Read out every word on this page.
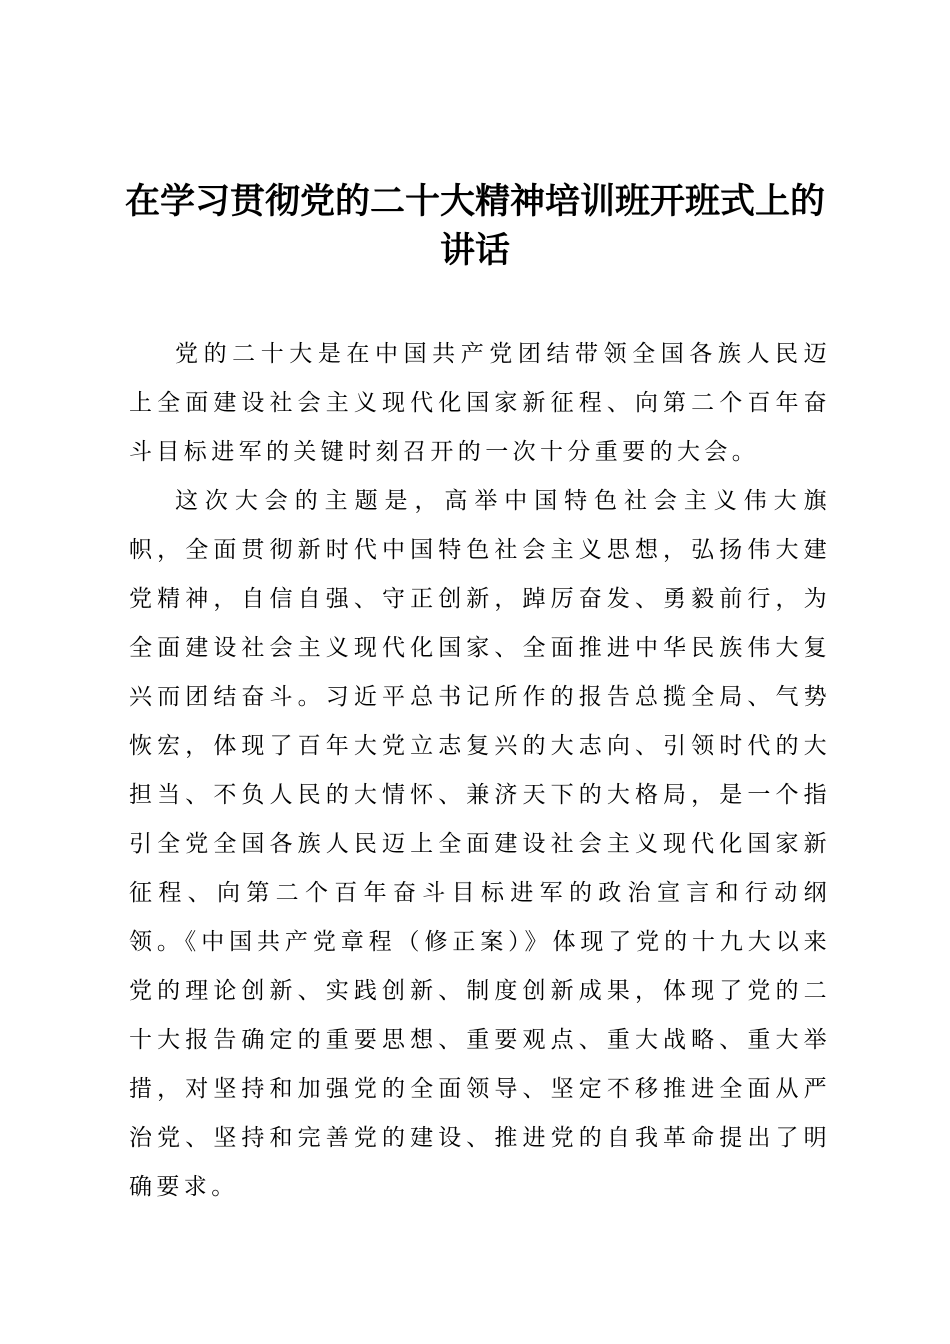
在学习贯彻党的二十大精神培训班开班式上的
讲话

党的二十大是在中国共产党团结带领全国各族人民迈上全面建设社会主义现代化国家新征程、向第二个百年奋斗目标进军的关键时刻召开的一次十分重要的大会。

这次大会的主题是，高举中国特色社会主义伟大旗帜，全面贯彻新时代中国特色社会主义思想，弘扬伟大建党精神，自信自强、守正创新，踔厉奋发、勇毅前行，为全面建设社会主义现代化国家、全面推进中华民族伟大复兴而团结奋斗。习近平总书记所作的报告总揽全局、气势恢宏，体现了百年大党立志复兴的大志向、引领时代的大担当、不负人民的大情怀、兼济天下的大格局，是一个指引全党全国各族人民迈上全面建设社会主义现代化国家新征程、向第二个百年奋斗目标进军的政治宣言和行动纲领。《中国共产党章程（修正案）》体现了党的十九大以来党的理论创新、实践创新、制度创新成果，体现了党的二十大报告确定的重要思想、重要观点、重大战略、重大举措，对坚持和加强党的全面领导、坚定不移推进全面从严治党、坚持和完善党的建设、推进党的自我革命提出了明确要求。
